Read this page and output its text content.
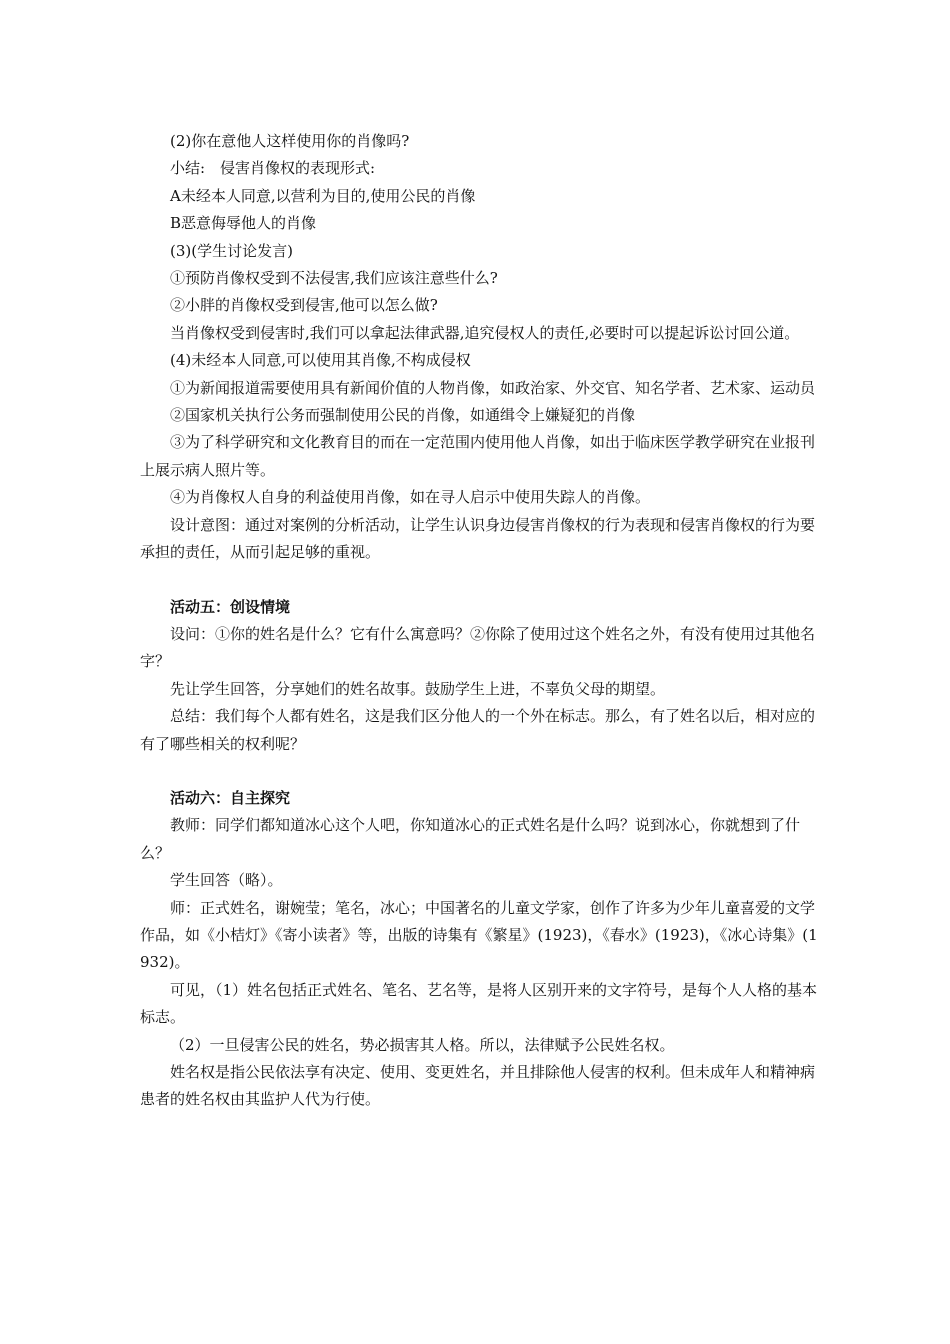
(2)你在意他人这样使用你的肖像吗?

小结:　侵害肖像权的表现形式:

A未经本人同意,以营利为目的,使用公民的肖像

B恶意侮辱他人的肖像

(3)(学生讨论发言)

①预防肖像权受到不法侵害,我们应该注意些什么?

②小胖的肖像权受到侵害,他可以怎么做?

当肖像权受到侵害时,我们可以拿起法律武器,追究侵权人的责任,必要时可以提起诉讼讨回公道。

(4)未经本人同意,可以使用其肖像,不构成侵权

①为新闻报道需要使用具有新闻价值的人物肖像，如政治家、外交官、知名学者、艺术家、运动员

②国家机关执行公务而强制使用公民的肖像，如通缉令上嫌疑犯的肖像

③为了科学研究和文化教育目的而在一定范围内使用他人肖像，如出于临床医学教学研究在业报刊上展示病人照片等。

④为肖像权人自身的利益使用肖像，如在寻人启示中使用失踪人的肖像。

设计意图：通过对案例的分析活动，让学生认识身边侵害肖像权的行为表现和侵害肖像权的行为要承担的责任，从而引起足够的重视。

活动五：创设情境

设问：①你的姓名是什么？它有什么寓意吗？②你除了使用过这个姓名之外，有没有使用过其他名字？

先让学生回答，分享她们的姓名故事。鼓励学生上进，不辜负父母的期望。

总结：我们每个人都有姓名，这是我们区分他人的一个外在标志。那么，有了姓名以后，相对应的有了哪些相关的权利呢？

活动六：自主探究

教师：同学们都知道冰心这个人吧，你知道冰心的正式姓名是什么吗？说到冰心，你就想到了什么？

学生回答（略）。

师：正式姓名，谢婉莹；笔名，冰心；中国著名的儿童文学家，创作了许多为少年儿童喜爱的文学作品，如《小桔灯》《寄小读者》等，出版的诗集有《繁星》(1923)，《春水》(1923)，《冰心诗集》(1932)。

可见，（1）姓名包括正式姓名、笔名、艺名等，是将人区别开来的文字符号，是每个人人格的基本标志。

（2）一旦侵害公民的姓名，势必损害其人格。所以，法律赋予公民姓名权。

姓名权是指公民依法享有决定、使用、变更姓名，并且排除他人侵害的权利。但未成年人和精神病患者的姓名权由其监护人代为行使。
